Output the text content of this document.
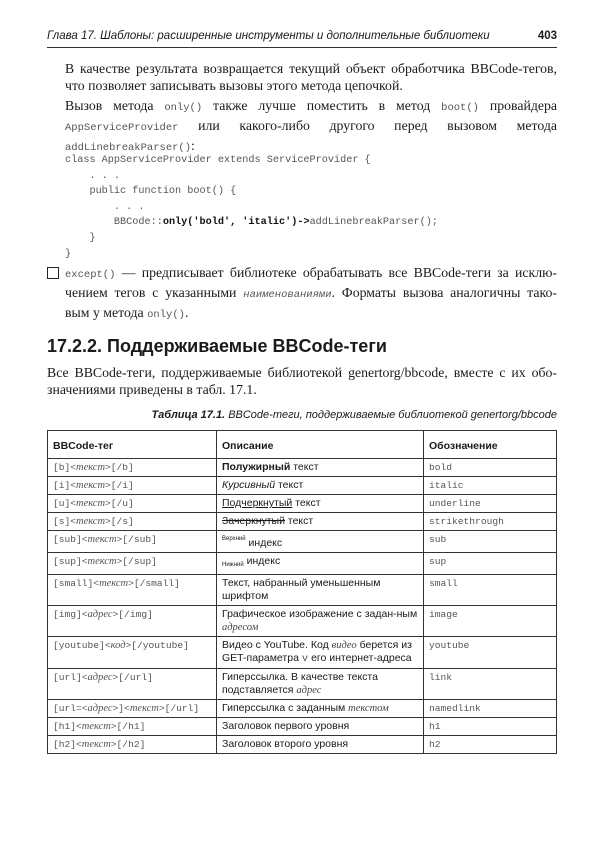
Глава 17. Шаблоны: расширенные инструменты и дополнительные библиотеки	403
В качестве результата возвращается текущий объект обработчика BBCode-тегов,
что позволяет записывать вызовы этого метода цепочкой.
Вызов метода only() также лучше поместить в метод boot() провайдера
AppServiceProvider или какого-либо другого перед вызовом метода
addLinebreakParser():
class AppServiceProvider extends ServiceProvider {
. . .
public function boot() {
. . .
BBCode::only('bold', 'italic')->addLinebreakParser();
}
}
except() — предписывает библиотеке обрабатывать все BBCode-теги за исклю-
чением тегов с указанными наименованиями. Форматы вызова аналогичны тако-
вым у метода only().
17.2.2. Поддерживаемые BBCode-теги
Все BBCode-теги, поддерживаемые библиотекой genertorg/bbcode, вместе с их обо-
значениями приведены в табл. 17.1.
Таблица 17.1. BBCode-теги, поддерживаемые библиотекой genertorg/bbcode
BBCode-тег	Описание	Обозначение
[b]<текст>[/b]	Полужирный текст	bold
[i]<текст>[/i]	Курсивный текст	italic
[u]<текст>[/u]	Подчеркнутый текст	underline
[s]<текст>[/s]	Зачеркнутый текст	strikethrough
[sub]<текст>[/sub]	$^{Верхний}$ индекс	sub
[sup]<текст>[/sup]	$_{Нижний}$ индекс	sup
[small]<текст>[/small]	Текст, набранный уменьшенным шрифтом	small
[img]<адрес>[/img]	Графическое изображение с задан-ным адресом	image
[youtube]<код>[/youtube]	Видео с YouTube. Код видео берется из GET-параметра v его интернет-адреса	youtube
[url]<адрес>[/url]	Гиперссылка. В качестве текста подставляется адрес	link
[url=<адрес>]<текст>[/url]	Гиперссылка с заданным текстом	namedlink
[h1]<текст>[/h1]	Заголовок первого уровня	h1
[h2]<текст>[/h2]	Заголовок второго уровня	h2
